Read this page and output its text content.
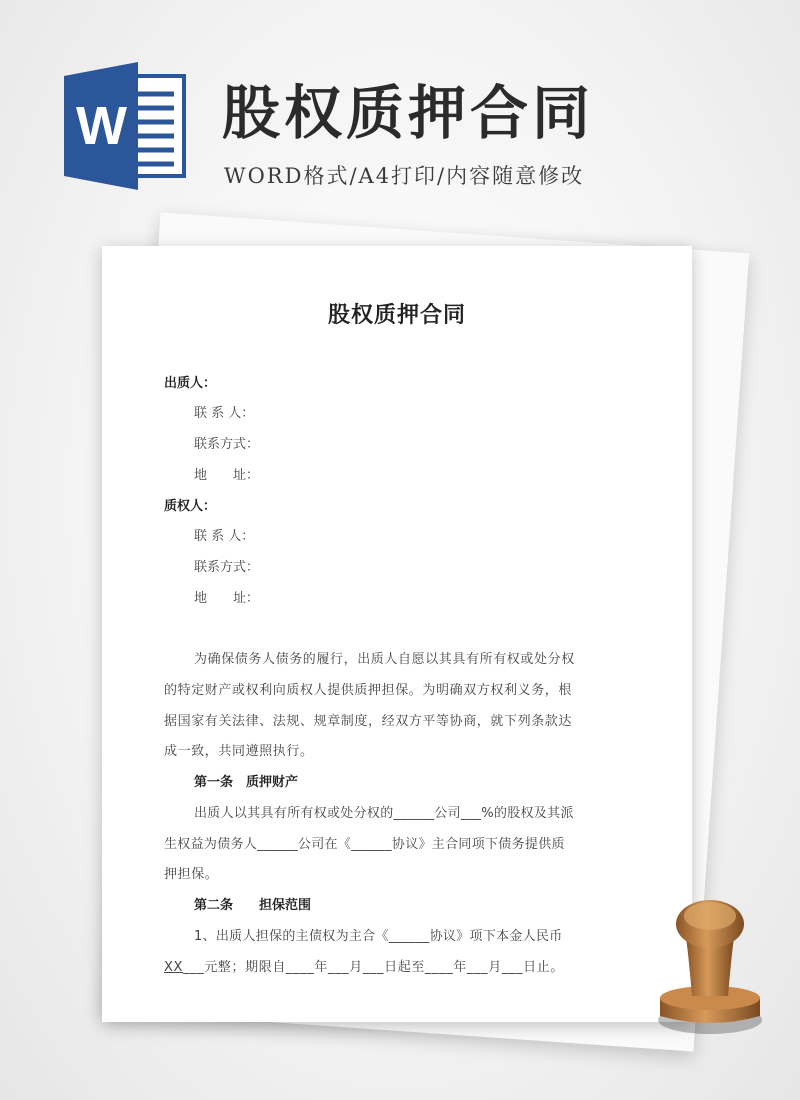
W 股权质押合同
WORD格式/A4打印/内容随意修改
股权质押合同
出质人：
联 系 人：
联系方式：
地　　址：
质权人：
联 系 人：
联系方式：
地　　址：
为确保债务人债务的履行，出质人自愿以其具有所有权或处分权
的特定财产或权利向质权人提供质押担保。为明确双方权利义务，根
据国家有关法律、法规、规章制度，经双方平等协商，就下列条款达
成一致，共同遵照执行。
第一条　质押财产
出质人以其具有所有权或处分权的______公司___%的股权及其派
生权益为债务人______公司在《______协议》主合同项下债务提供质
押担保。
第二条　　担保范围
1、出质人担保的主债权为主合《______协议》项下本金人民币
XX___元整；期限自____年___月___日起至____年___月___日止。
